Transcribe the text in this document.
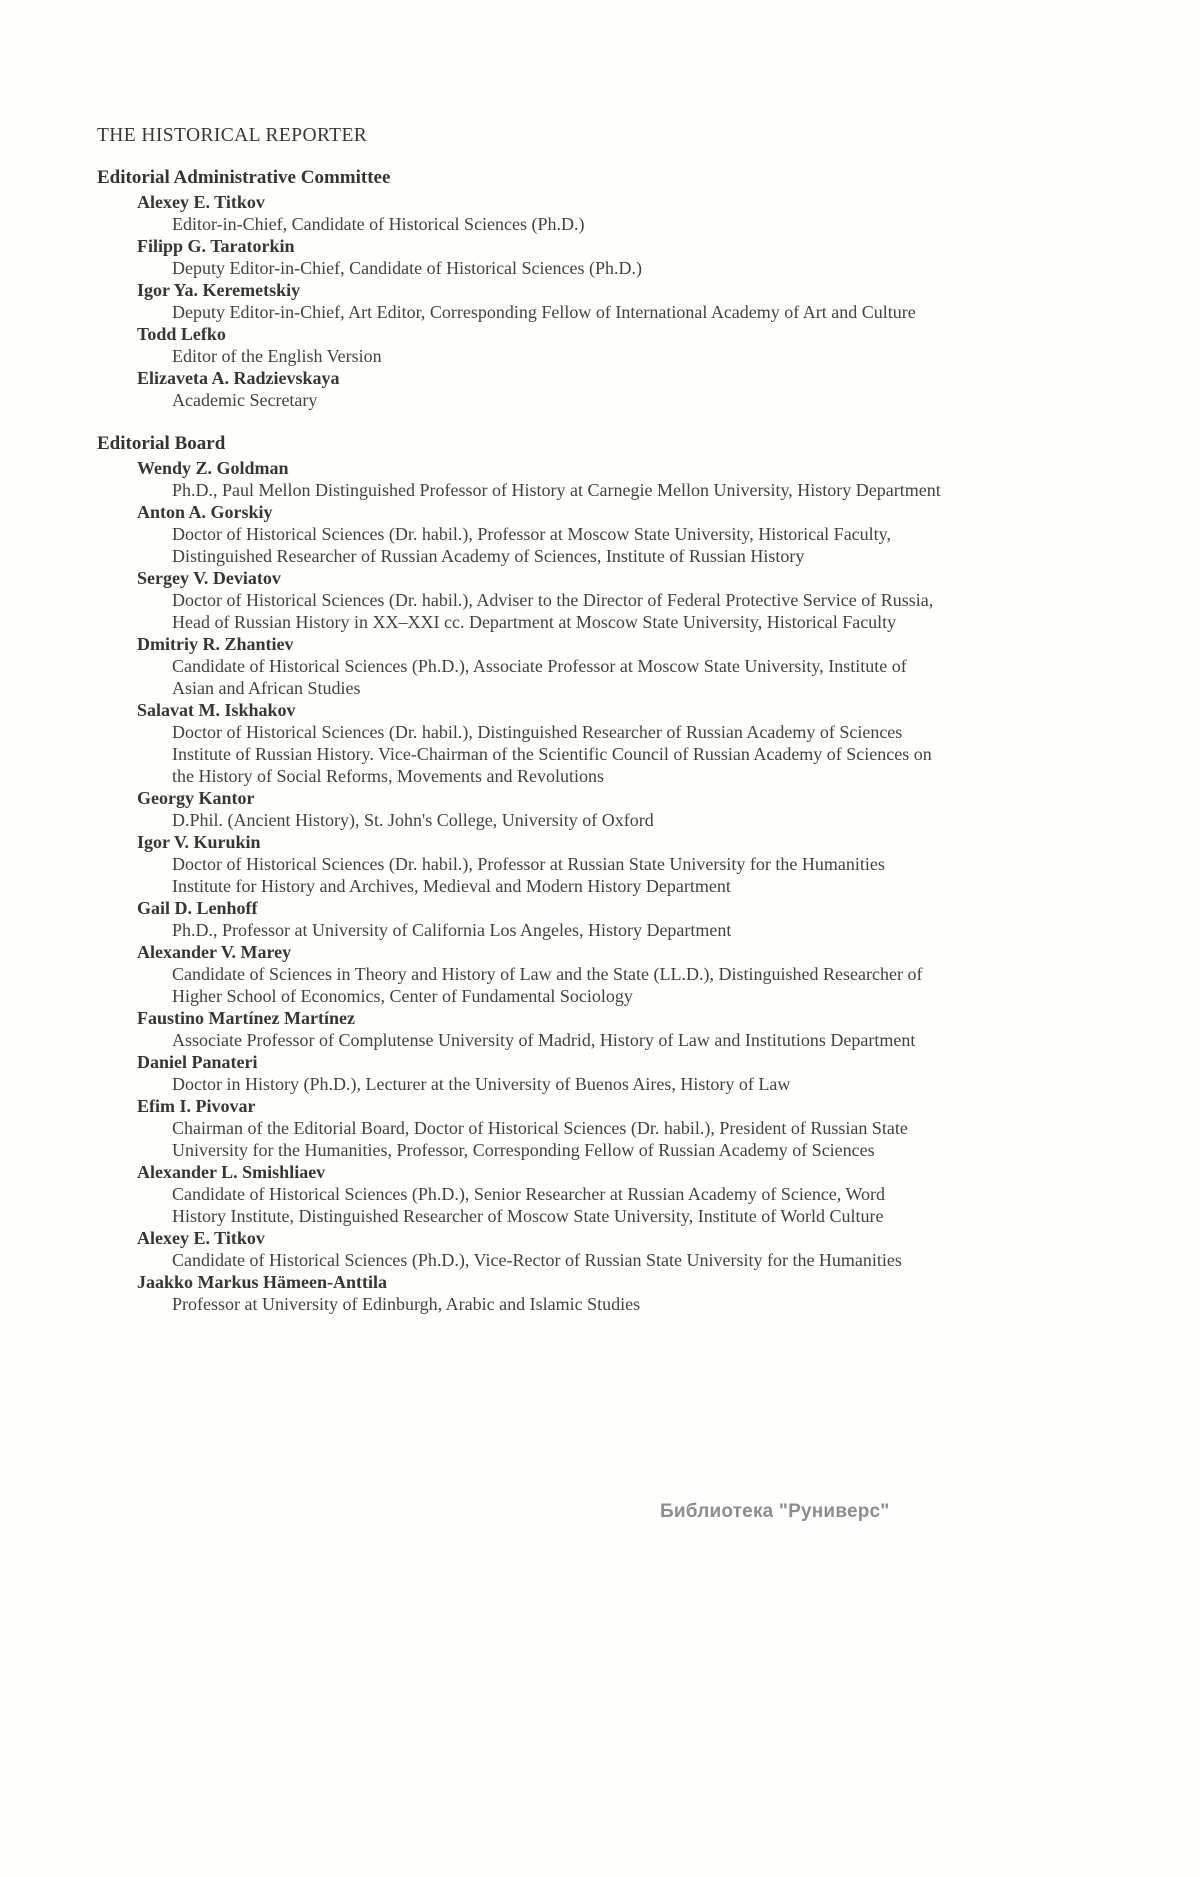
THE HISTORICAL REPORTER
Editorial Administrative Committee
Alexey E. Titkov
Editor-in-Chief, Candidate of Historical Sciences (Ph.D.)
Filipp G. Taratorkin
Deputy Editor-in-Chief, Candidate of Historical Sciences (Ph.D.)
Igor Ya. Keremetskiy
Deputy Editor-in-Chief, Art Editor, Corresponding Fellow of International Academy of Art and Culture
Todd Lefko
Editor of the English Version
Elizaveta A. Radzievskaya
Academic Secretary
Editorial Board
Wendy Z. Goldman
Ph.D., Paul Mellon Distinguished Professor of History at Carnegie Mellon University, History Department
Anton A. Gorskiy
Doctor of Historical Sciences (Dr. habil.), Professor at Moscow State University, Historical Faculty, Distinguished Researcher of Russian Academy of Sciences, Institute of Russian History
Sergey V. Deviatov
Doctor of Historical Sciences (Dr. habil.), Adviser to the Director of Federal Protective Service of Russia, Head of Russian History in XX–XXI cc. Department at Moscow State University, Historical Faculty
Dmitriy R. Zhantiev
Candidate of Historical Sciences (Ph.D.), Associate Professor at Moscow State University, Institute of Asian and African Studies
Salavat M. Iskhakov
Doctor of Historical Sciences (Dr. habil.), Distinguished Researcher of Russian Academy of Sciences Institute of Russian History. Vice-Chairman of the Scientific Council of Russian Academy of Sciences on the History of Social Reforms, Movements and Revolutions
Georgy Kantor
D.Phil. (Ancient History), St. John's College, University of Oxford
Igor V. Kurukin
Doctor of Historical Sciences (Dr. habil.), Professor at Russian State University for the Humanities Institute for History and Archives, Medieval and Modern History Department
Gail D. Lenhoff
Ph.D., Professor at University of California Los Angeles, History Department
Alexander V. Marey
Candidate of Sciences in Theory and History of Law and the State (LL.D.), Distinguished Researcher of Higher School of Economics, Center of Fundamental Sociology
Faustino Martínez Martínez
Associate Professor of Complutense University of Madrid, History of Law and Institutions Department
Daniel Panateri
Doctor in History (Ph.D.), Lecturer at the University of Buenos Aires, History of Law
Efim I. Pivovar
Chairman of the Editorial Board, Doctor of Historical Sciences (Dr. habil.), President of Russian State University for the Humanities, Professor, Corresponding Fellow of Russian Academy of Sciences
Alexander L. Smishliaev
Candidate of Historical Sciences (Ph.D.), Senior Researcher at Russian Academy of Science, Word History Institute, Distinguished Researcher of Moscow State University, Institute of World Culture
Alexey E. Titkov
Candidate of Historical Sciences (Ph.D.), Vice-Rector of Russian State University for the Humanities
Jaakko Markus Hämeen-Anttila
Professor at University of Edinburgh, Arabic and Islamic Studies
Библиотека "Руниверс"
